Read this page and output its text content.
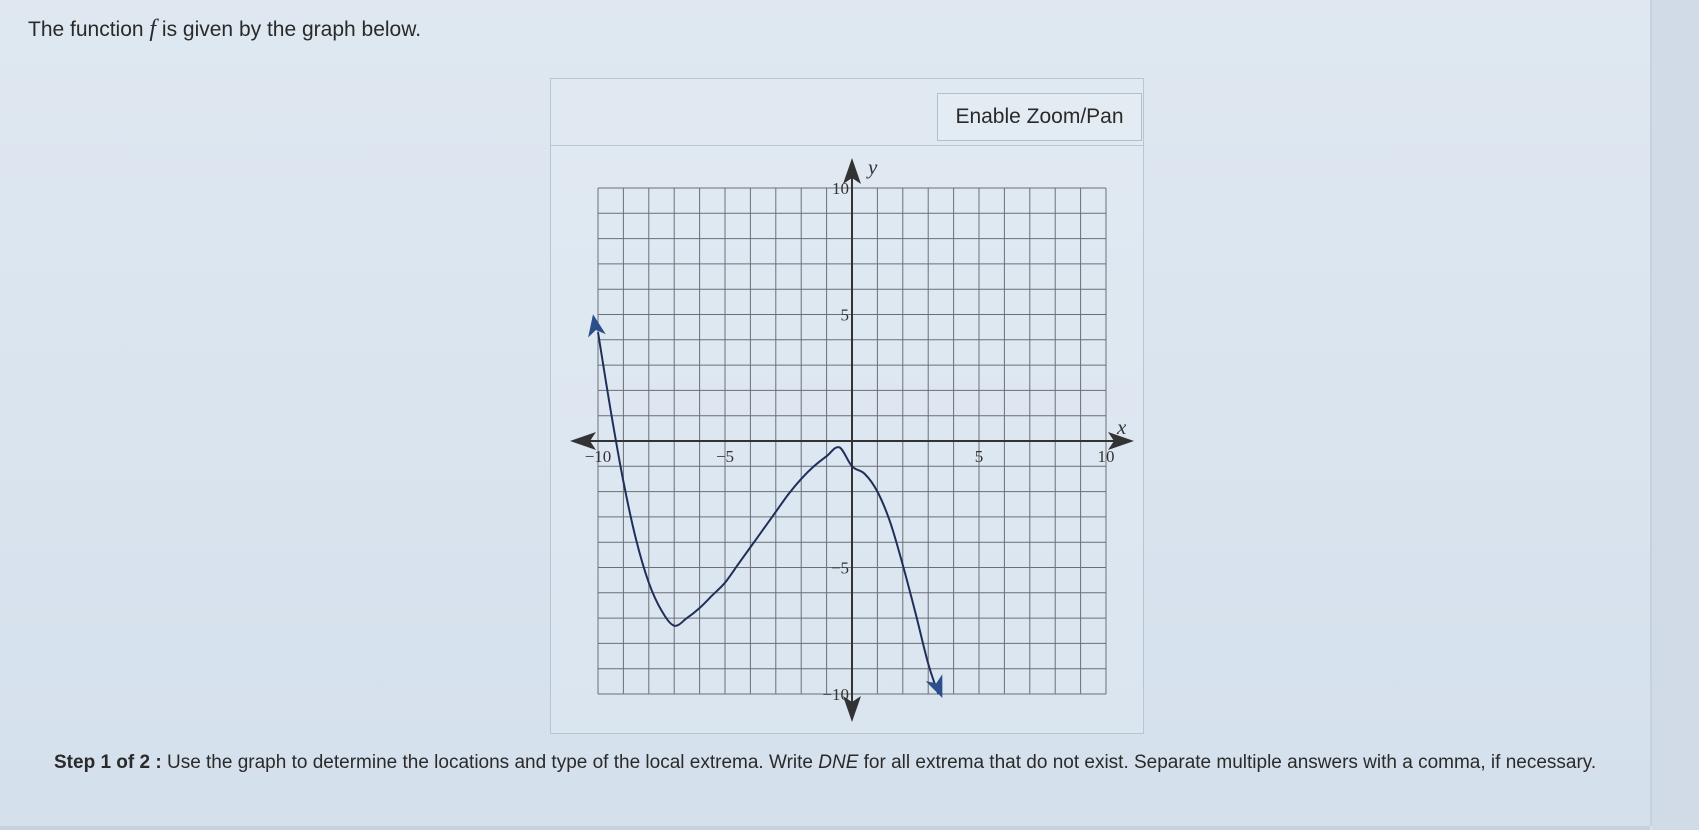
The function f is given by the graph below.
Enable Zoom/Pan
x
y
−10	−5	5	10
10
5
−5
−10
Step 1 of 2 : Use the graph to determine the locations and type of the local extrema. Write DNE for all extrema that do not exist. Separate multiple answers with a comma, if necessary.
